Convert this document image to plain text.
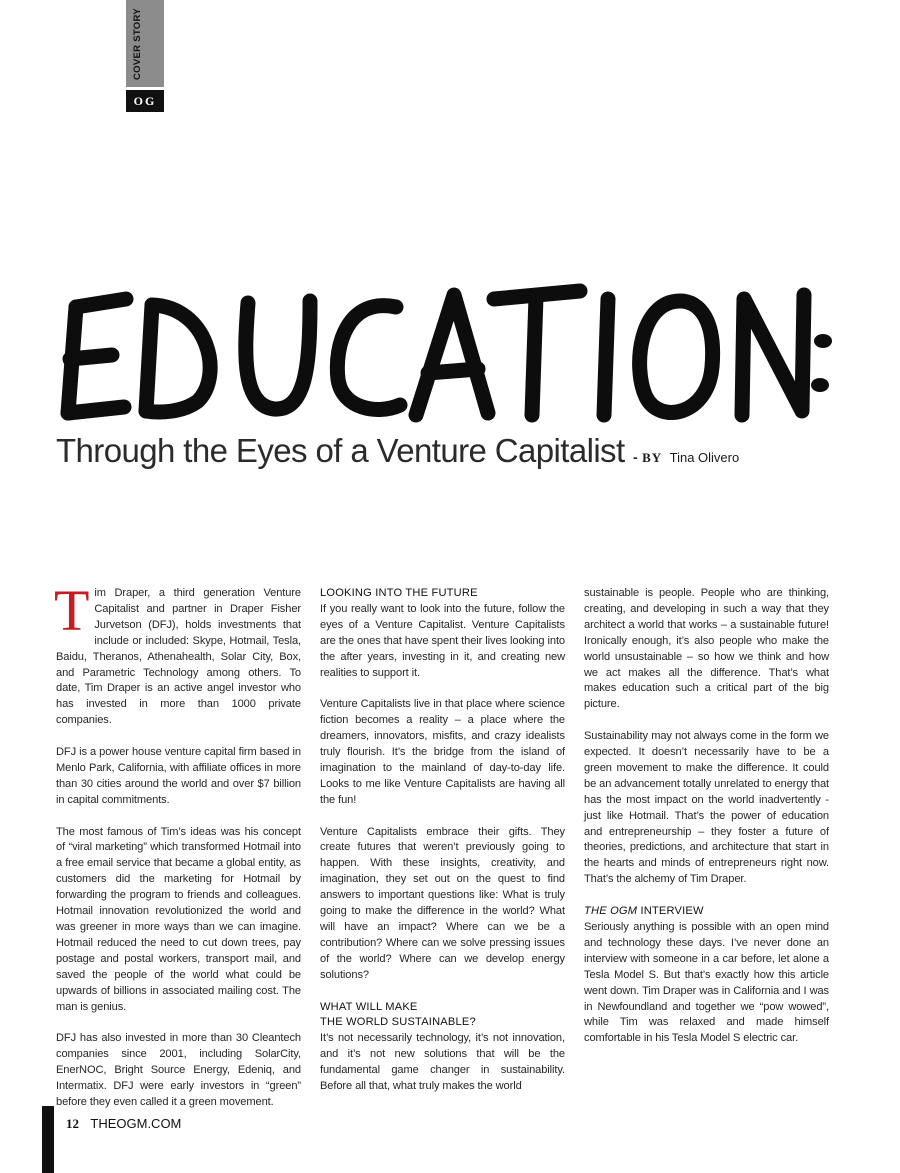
COVER STORY
OG
Through the Eyes of a Venture Capitalist - BY Tina Olivero

Tim Draper, a third generation Venture Capitalist and partner in Draper Fisher Jurvetson (DFJ), holds investments that include or included: Skype, Hotmail, Tesla, Baidu, Theranos, Athenahealth, Solar City, Box, and Parametric Technology among others. To date, Tim Draper is an active angel investor who has invested in more than 1000 private companies.

DFJ is a power house venture capital firm based in Menlo Park, California, with affiliate offices in more than 30 cities around the world and over $7 billion in capital commitments.

The most famous of Tim’s ideas was his concept of “viral marketing” which transformed Hotmail into a free email service that became a global entity, as customers did the marketing for Hotmail by forwarding the program to friends and colleagues. Hotmail innovation revolutionized the world and was greener in more ways than we can imagine. Hotmail reduced the need to cut down trees, pay postage and postal workers, transport mail, and saved the people of the world what could be upwards of billions in associated mailing cost. The man is genius.

DFJ has also invested in more than 30 Cleantech companies since 2001, including SolarCity, EnerNOC, Bright Source Energy, Edeniq, and Intermatix. DFJ were early investors in “green” before they even called it a green movement.

LOOKING INTO THE FUTURE

If you really want to look into the future, follow the eyes of a Venture Capitalist. Venture Capitalists are the ones that have spent their lives looking into the after years, investing in it, and creating new realities to support it.

Venture Capitalists live in that place where science fiction becomes a reality – a place where the dreamers, innovators, misfits, and crazy idealists truly flourish. It’s the bridge from the island of imagination to the mainland of day-to-day life. Looks to me like Venture Capitalists are having all the fun!

Venture Capitalists embrace their gifts. They create futures that weren’t previously going to happen. With these insights, creativity, and imagination, they set out on the quest to find answers to important questions like: What is truly going to make the difference in the world? What will have an impact? Where can we be a contribution? Where can we solve pressing issues of the world? Where can we develop energy solutions?

WHAT WILL MAKE
THE WORLD SUSTAINABLE?

It’s not necessarily technology, it’s not innovation, and it’s not new solutions that will be the fundamental game changer in sustainability. Before all that, what truly makes the world

sustainable is people. People who are thinking, creating, and developing in such a way that they architect a world that works – a sustainable future! Ironically enough, it’s also people who make the world unsustainable – so how we think and how we act makes all the difference. That’s what makes education such a critical part of the big picture.

Sustainability may not always come in the form we expected. It doesn’t necessarily have to be a green movement to make the difference. It could be an advancement totally unrelated to energy that has the most impact on the world inadvertently - just like Hotmail. That’s the power of education and entrepreneurship – they foster a future of theories, predictions, and architecture that start in the hearts and minds of entrepreneurs right now. That’s the alchemy of Tim Draper.

THE OGM INTERVIEW

Seriously anything is possible with an open mind and technology these days. I’ve never done an interview with someone in a car before, let alone a Tesla Model S. But that’s exactly how this article went down. Tim Draper was in California and I was in Newfoundland and together we “pow wowed”, while Tim was relaxed and made himself comfortable in his Tesla Model S electric car.

12 THEOGM.COM
